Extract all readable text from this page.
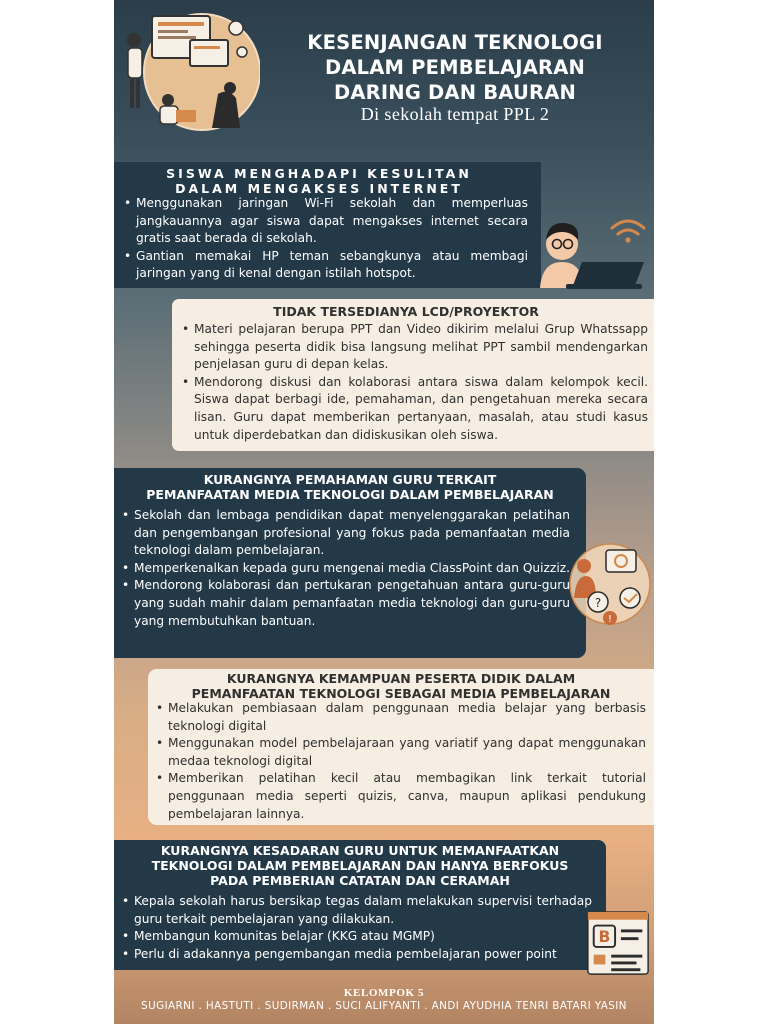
KESENJANGAN TEKNOLOGI
DALAM PEMBELAJARAN
DARING DAN BAURAN
Di sekolah tempat PPL 2
SISWA MENGHADAPI KESULITAN
DALAM MENGAKSES INTERNET
• Menggunakan jaringan Wi-Fi sekolah dan memperluas jangkauannya agar siswa dapat mengakses internet secara gratis saat berada di sekolah.
• Gantian memakai HP teman sebangkunya atau membagi jaringan yang di kenal dengan istilah hotspot.
TIDAK TERSEDIANYA LCD/PROYEKTOR
• Materi pelajaran berupa PPT dan Video dikirim melalui Grup Whatssapp sehingga peserta didik bisa langsung melihat PPT sambil mendengarkan penjelasan guru di depan kelas.
• Mendorong diskusi dan kolaborasi antara siswa dalam kelompok kecil. Siswa dapat berbagi ide, pemahaman, dan pengetahuan mereka secara lisan. Guru dapat memberikan pertanyaan, masalah, atau studi kasus untuk diperdebatkan dan didiskusikan oleh siswa.
KURANGNYA PEMAHAMAN GURU TERKAIT
PEMANFAATAN MEDIA TEKNOLOGI DALAM PEMBELAJARAN
• Sekolah dan lembaga pendidikan dapat menyelenggarakan pelatihan dan pengembangan profesional yang fokus pada pemanfaatan media teknologi dalam pembelajaran.
• Memperkenalkan kepada guru mengenai media ClassPoint dan Quizziz.
• Mendorong kolaborasi dan pertukaran pengetahuan antara guru-guru yang sudah mahir dalam pemanfaatan media teknologi dan guru-guru yang membutuhkan bantuan.
?
!
KURANGNYA KEMAMPUAN PESERTA DIDIK DALAM
PEMANFAATAN TEKNOLOGI SEBAGAI MEDIA PEMBELAJARAN
• Melakukan pembiasaan dalam penggunaan media belajar yang berbasis teknologi digital
• Menggunakan model pembelajaraan yang variatif yang dapat menggunakan medaa teknologi digital
• Memberikan pelatihan kecil atau membagikan link terkait tutorial penggunaan media seperti quizis, canva, maupun aplikasi pendukung pembelajaran lainnya.
KURANGNYA KESADARAN GURU UNTUK MEMANFAATKAN
TEKNOLOGI DALAM PEMBELAJARAN DAN HANYA BERFOKUS
PADA PEMBERIAN CATATAN DAN CERAMAH
• Kepala sekolah harus bersikap tegas dalam melakukan supervisi terhadap guru terkait pembelajaran yang dilakukan.
• Membangun komunitas belajar (KKG atau MGMP)
• Perlu di adakannya pengembangan media pembelajaran power point
B
KELOMPOK 5
SUGIARNI . HASTUTI . SUDIRMAN . SUCI ALIFYANTI . ANDI AYUDHIA TENRI BATARI YASIN
